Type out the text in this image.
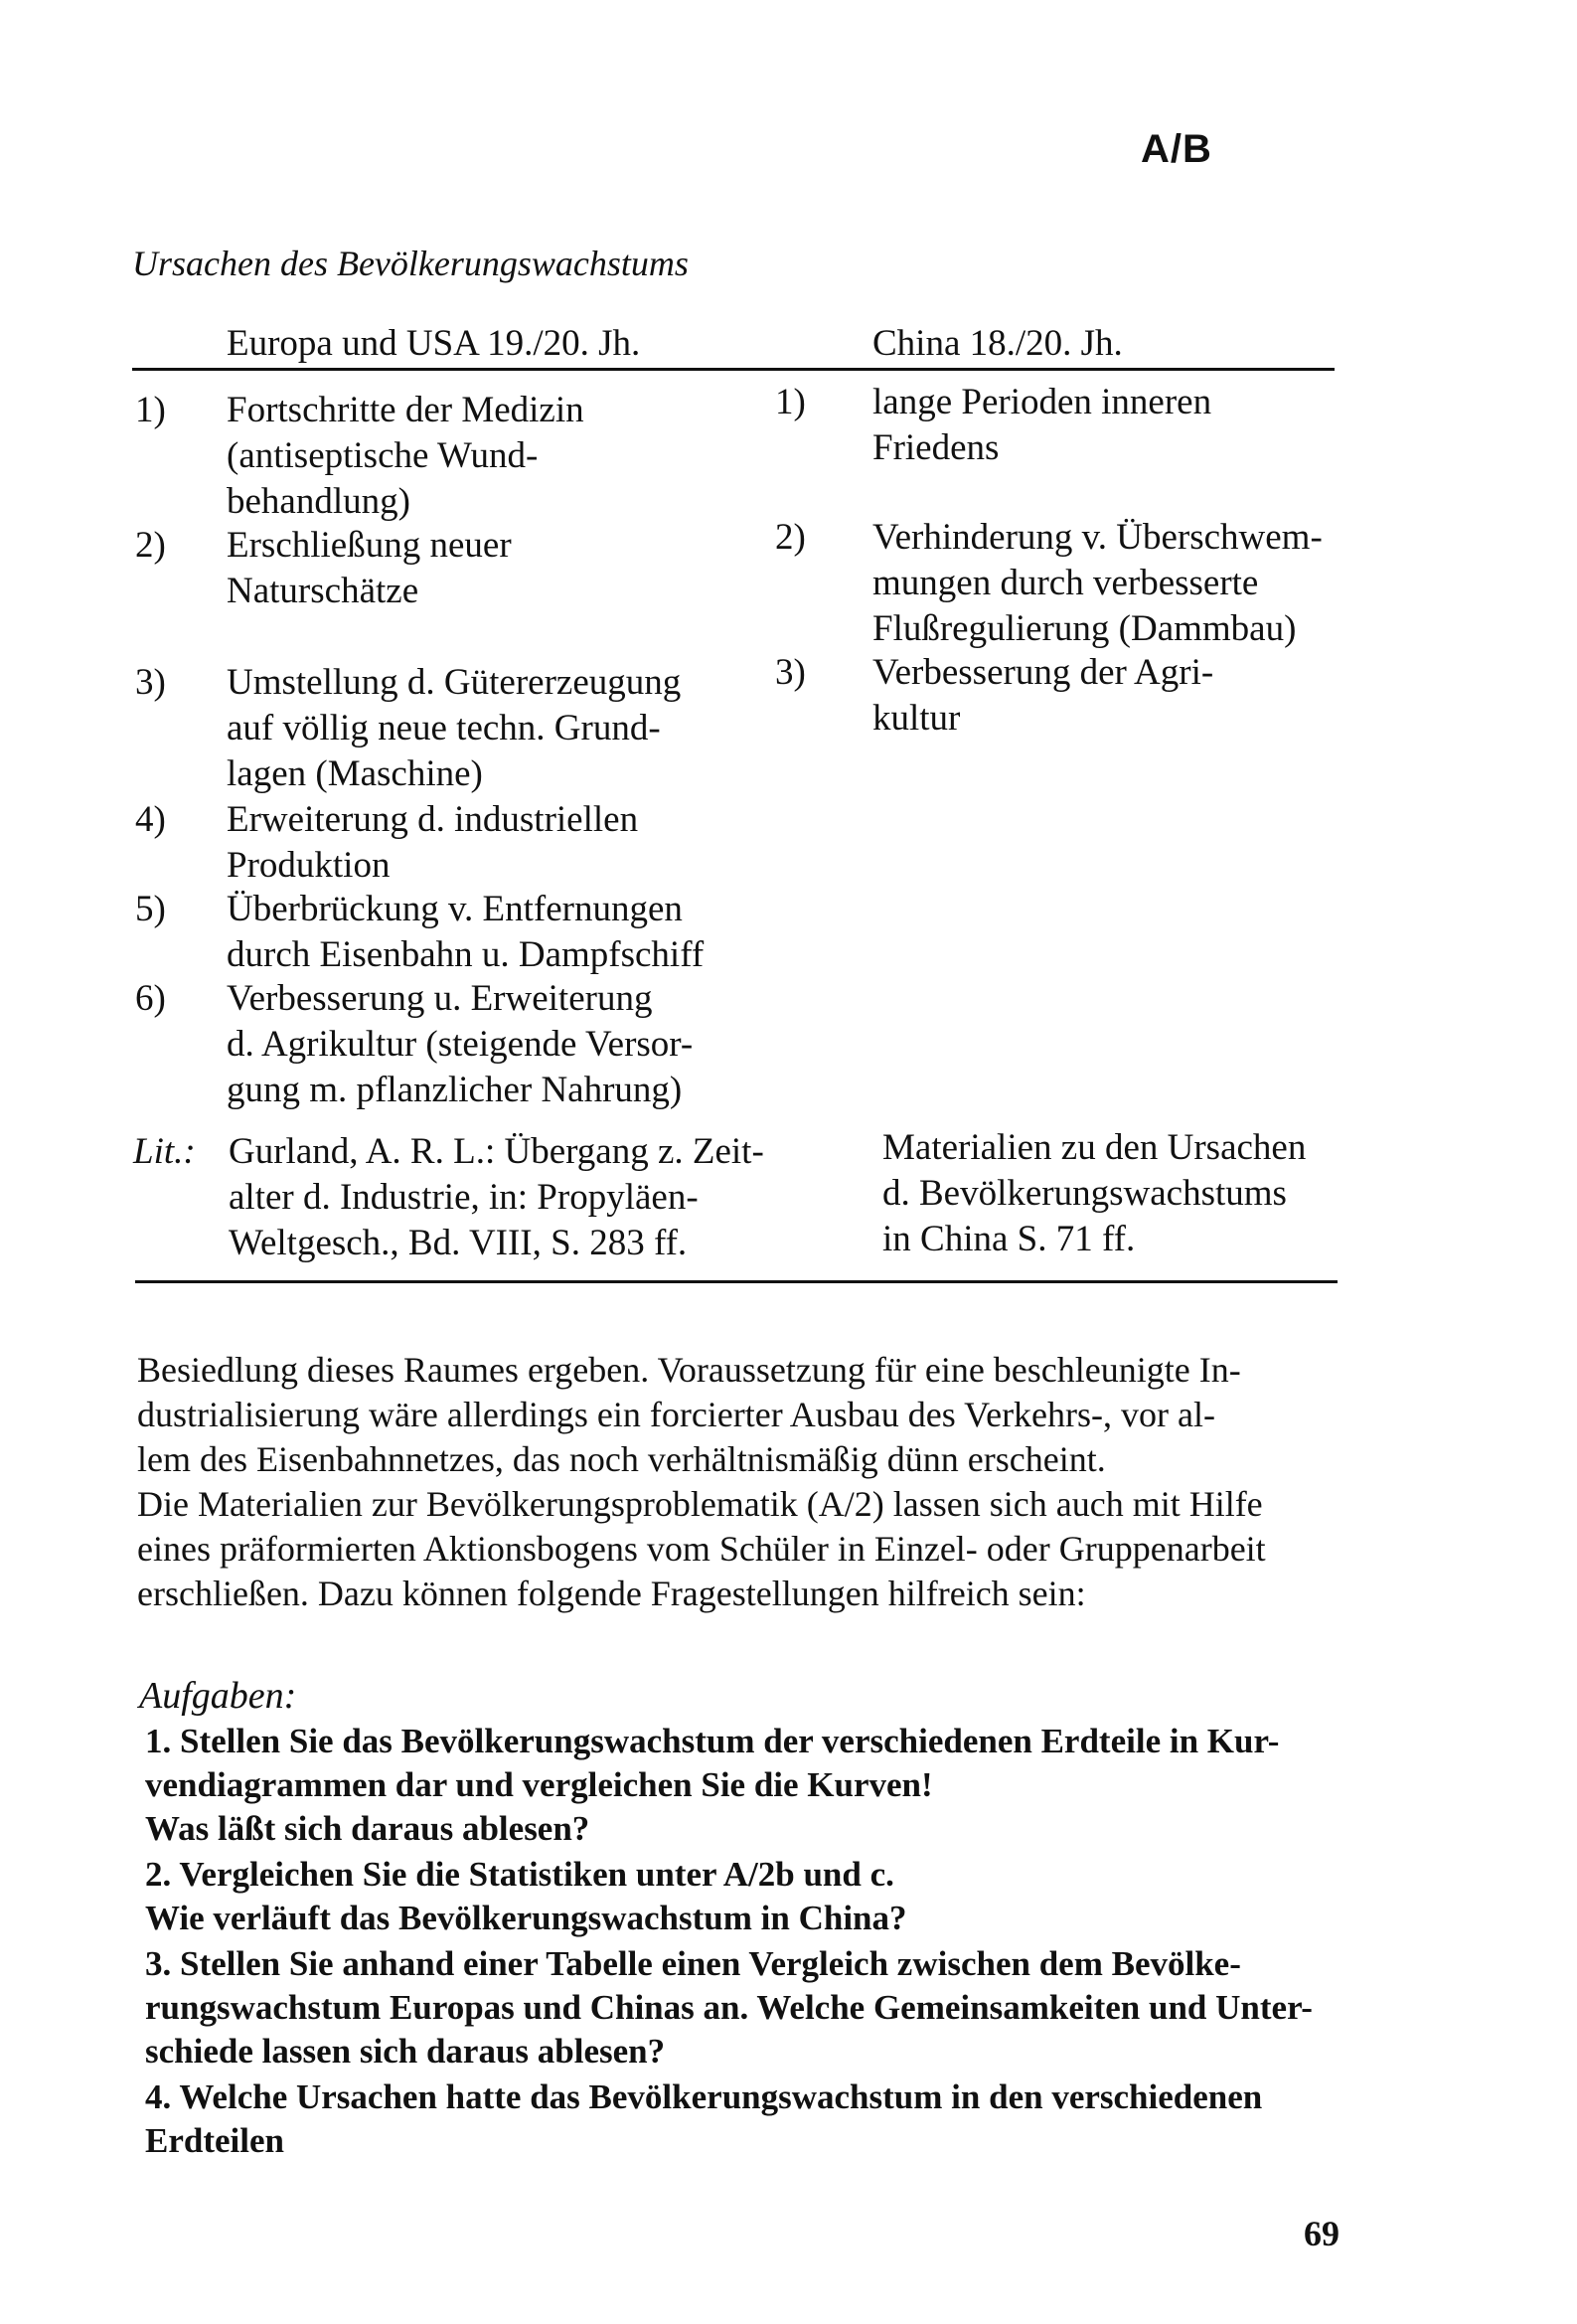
A/B
Ursachen des Bevölkerungswachstums
Europa und USA 19./20. Jh.	China 18./20. Jh.
1) Fortschritte der Medizin
(antiseptische Wund-
behandlung)
2) Erschließung neuer
Naturschätze
3) Umstellung d. Gütererzeugung
auf völlig neue techn. Grund-
lagen (Maschine)
4) Erweiterung d. industriellen
Produktion
5) Überbrückung v. Entfernungen
durch Eisenbahn u. Dampfschiff
6) Verbesserung u. Erweiterung
d. Agrikultur (steigende Versor-
gung m. pflanzlicher Nahrung)
1) lange Perioden inneren
Friedens
2) Verhinderung v. Überschwem-
mungen durch verbesserte
Flußregulierung (Dammbau)
3) Verbesserung der Agri-
kultur
Lit.: Gurland, A. R. L.: Übergang z. Zeit-
alter d. Industrie, in: Propyläen-
Weltgesch., Bd. VIII, S. 283 ff.
Materialien zu den Ursachen
d. Bevölkerungswachstums
in China S. 71 ff.
Besiedlung dieses Raumes ergeben. Voraussetzung für eine beschleunigte In-
dustrialisierung wäre allerdings ein forcierter Ausbau des Verkehrs-, vor al-
lem des Eisenbahnnetzes, das noch verhältnismäßig dünn erscheint.
Die Materialien zur Bevölkerungsproblematik (A/2) lassen sich auch mit Hilfe
eines präformierten Aktionsbogens vom Schüler in Einzel- oder Gruppenarbeit
erschließen. Dazu können folgende Fragestellungen hilfreich sein:
Aufgaben:
1. Stellen Sie das Bevölkerungswachstum der verschiedenen Erdteile in Kur-
vendiagrammen dar und vergleichen Sie die Kurven!
Was läßt sich daraus ablesen?
2. Vergleichen Sie die Statistiken unter A/2b und c.
Wie verläuft das Bevölkerungswachstum in China?
3. Stellen Sie anhand einer Tabelle einen Vergleich zwischen dem Bevölke-
rungswachstum Europas und Chinas an. Welche Gemeinsamkeiten und Unter-
schiede lassen sich daraus ablesen?
4. Welche Ursachen hatte das Bevölkerungswachstum in den verschiedenen
Erdteilen
69
